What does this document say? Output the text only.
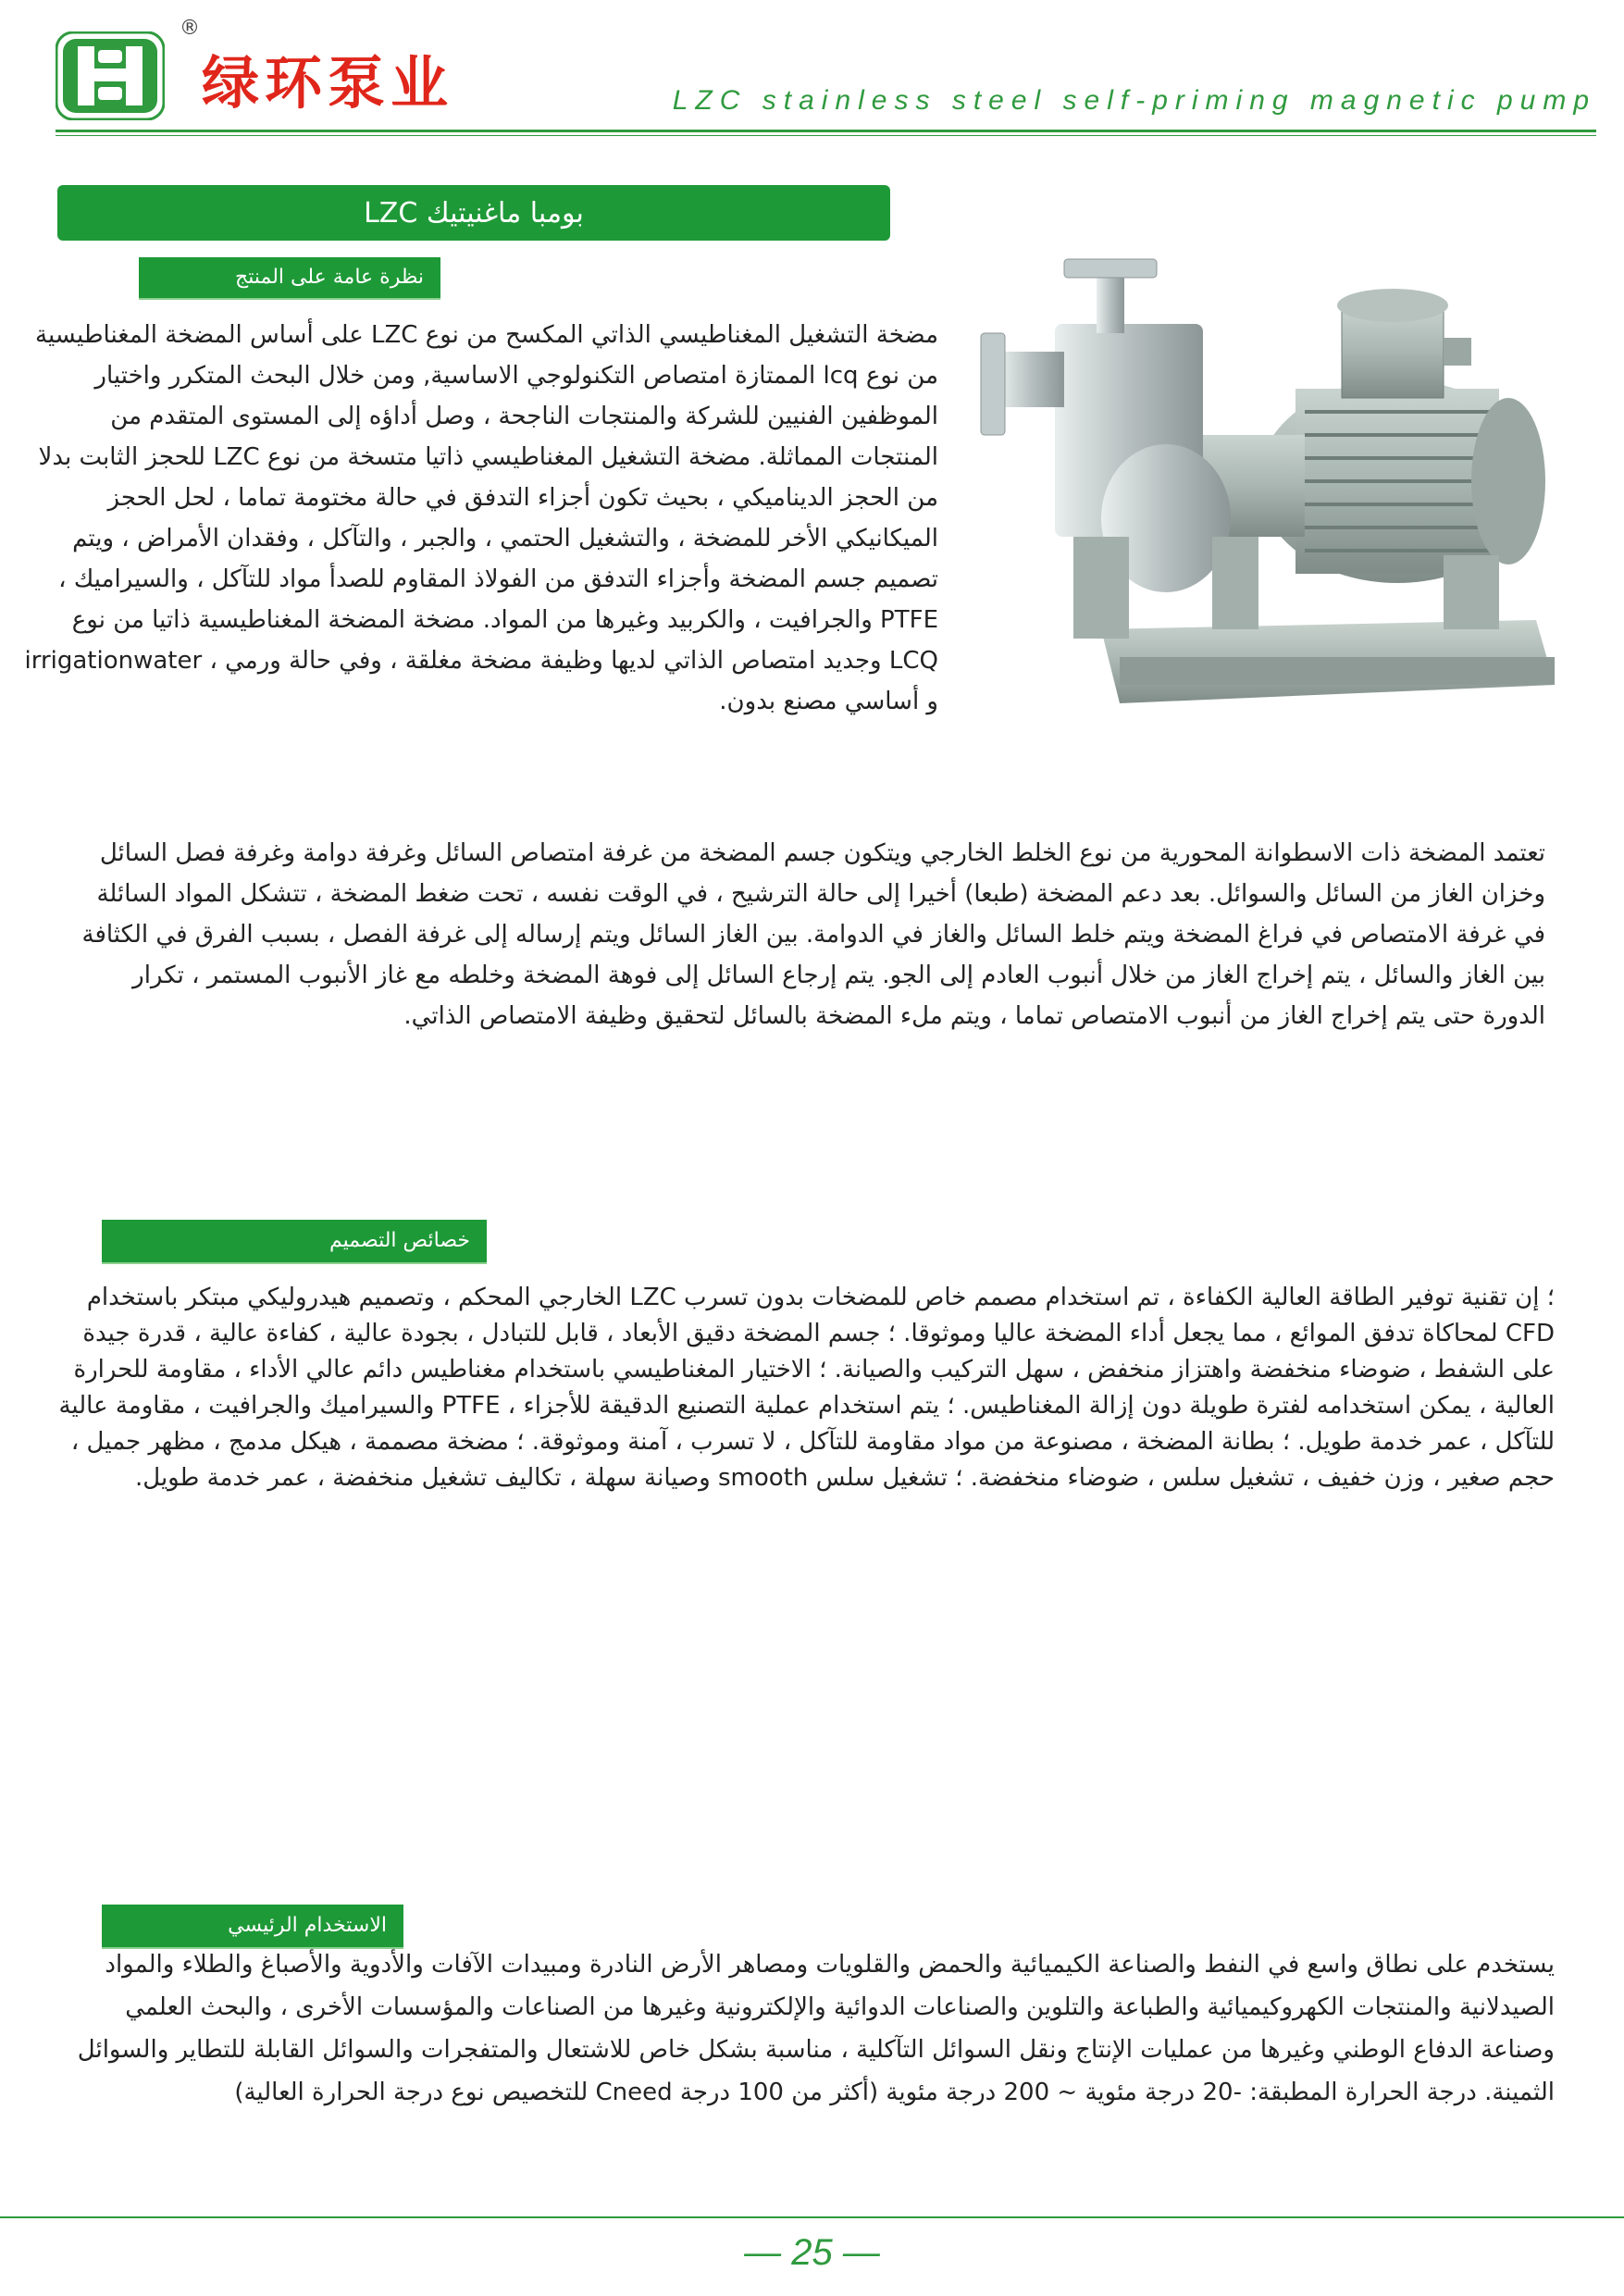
®
绿环泵业	LZC stainless steel self-priming magnetic pump
LZC بومبا ماغنيتيك
نظرة عامة على المنتج
مضخة التشغيل المغناطيسي الذاتي المكسح من نوع LZC على أساس المضخة المغناطيسية من نوع lcq الممتازة امتصاص التكنولوجي الاساسية, ومن خلال البحث المتكرر واختيار الموظفين الفنيين للشركة والمنتجات الناجحة ، وصل أداؤه إلى المستوى المتقدم من المنتجات المماثلة. مضخة التشغيل المغناطيسي ذاتيا متسخة من نوع LZC للحجز الثابت بدلا من الحجز الديناميكي ، بحيث تكون أجزاء التدفق في حالة مختومة تماما ، لحل الحجز الميكانيكي الأخر للمضخة ، والتشغيل الحتمي ، والجبر ، والتآكل ، وفقدان الأمراض ، ويتم تصميم جسم المضخة وأجزاء التدفق من الفولاذ المقاوم للصدأ مواد للتآكل ، والسيراميك ، PTFE والجرافيت ، والكربيد وغيرها من المواد. مضخة المضخة المغناطيسية ذاتيا من نوع LCQ وجديد امتصاص الذاتي لديها وظيفة مضخة مغلقة ، وفي حالة ورمي ، irrigationwater و أساسي مصنع بدون.
تعتمد المضخة ذات الاسطوانة المحورية من نوع الخلط الخارجي ويتكون جسم المضخة من غرفة امتصاص السائل وغرفة دوامة وغرفة فصل السائل وخزان الغاز من السائل والسوائل. بعد دعم المضخة (طبعا) أخيرا إلى حالة الترشيح ، في الوقت نفسه ، تحت ضغط المضخة ، تتشكل المواد السائلة في غرفة الامتصاص في فراغ المضخة ويتم خلط السائل والغاز في الدوامة. بين الغاز السائل ويتم إرساله إلى غرفة الفصل ، بسبب الفرق في الكثافة بين الغاز والسائل ، يتم إخراج الغاز من خلال أنبوب العادم إلى الجو. يتم إرجاع السائل إلى فوهة المضخة وخلطه مع غاز الأنبوب المستمر ، تكرار الدورة حتى يتم إخراج الغاز من أنبوب الامتصاص تماما ، ويتم ملء المضخة بالسائل لتحقيق وظيفة الامتصاص الذاتي.
خصائص التصميم
؛ إن تقنية توفير الطاقة العالية الكفاءة ، تم استخدام مصمم خاص للمضخات بدون تسرب LZC الخارجي المحكم ، وتصميم هيدروليكي مبتكر باستخدام CFD لمحاكاة تدفق الموائع ، مما يجعل أداء المضخة عاليا وموثوقا. ؛ جسم المضخة دقيق الأبعاد ، قابل للتبادل ، بجودة عالية ، كفاءة عالية ، قدرة جيدة على الشفط ، ضوضاء منخفضة واهتزاز منخفض ، سهل التركيب والصيانة. ؛ الاختيار المغناطيسي باستخدام مغناطيس دائم عالي الأداء ، مقاومة للحرارة العالية ، يمكن استخدامه لفترة طويلة دون إزالة المغناطيس. ؛ يتم استخدام عملية التصنيع الدقيقة للأجزاء ، PTFE والسيراميك والجرافيت ، مقاومة عالية للتآكل ، عمر خدمة طويل. ؛ بطانة المضخة ، مصنوعة من مواد مقاومة للتآكل ، لا تسرب ، آمنة وموثوقة. ؛ مضخة مصممة ، هيكل مدمج ، مظهر جميل ، حجم صغير ، وزن خفيف ، تشغيل سلس ، ضوضاء منخفضة. ؛ تشغيل سلس smooth وصيانة سهلة ، تكاليف تشغيل منخفضة ، عمر خدمة طويل.
الاستخدام الرئيسي
يستخدم على نطاق واسع في النفط والصناعة الكيميائية والحمض والقلويات ومصاهر الأرض النادرة ومبيدات الآفات والأدوية والأصباغ والطلاء والمواد الصيدلانية والمنتجات الكهروكيميائية والطباعة والتلوين والصناعات الدوائية والإلكترونية وغيرها من الصناعات والمؤسسات الأخرى ، والبحث العلمي وصناعة الدفاع الوطني وغيرها من عمليات الإنتاج ونقل السوائل التآكلية ، مناسبة بشكل خاص للاشتعال والمتفجرات والسوائل القابلة للتطاير والسوائل الثمينة. درجة الحرارة المطبقة: -20 درجة مئوية ~ 200 درجة مئوية (أكثر من 100 درجة Cneed للتخصيص نوع درجة الحرارة العالية)
— 25 —
